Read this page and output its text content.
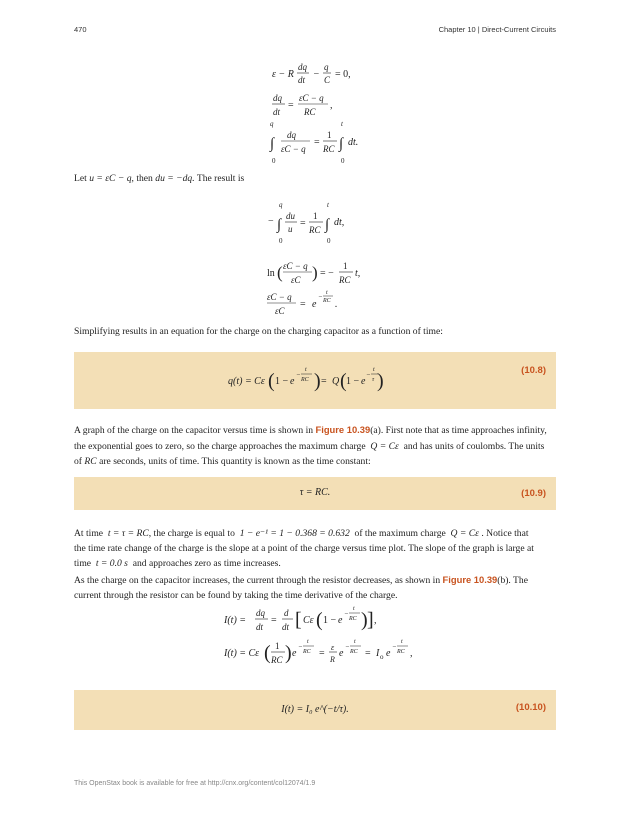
470	Chapter 10 | Direct-Current Circuits
ε − R
dq
dt −
q
C = 0,
dq
dt
=
εC − q
RC
,
q
∫
0
dq
εC − q
=
1
RC
t
∫
0
dt.
Let u = εC − q, then du = −dq. The result is
−
q
∫
0
du
u =
1
RC
t
∫
0
dt,
ln ( εC − q
εC ) = −
1
RC
t,
εC − q
εC
= e
− t
RC .
Simplifying results in an equation for the charge on the charging capacitor as a function of time:
q(t) = Cε ( 1 − e
−
t
RC ) = Q ( 1 − e
−
t
τ )	(10.8)
A graph of the charge on the capacitor versus time is shown in Figure 10.39(a). First note that as time approaches infinity,
the exponential goes to zero, so the charge approaches the maximum charge Q = Cε and has units of coulombs. The units
of RC are seconds, units of time. This quantity is known as the time constant:
τ = RC.	(10.9)
At time t = τ = RC, the charge is equal to 1 − e⁻¹ = 1 − 0.368 = 0.632 of the maximum charge Q = Cε . Notice that
the time rate change of the charge is the slope at a point of the charge versus time plot. The slope of the graph is large at
time t = 0.0 s and approaches zero as time increases.
As the charge on the capacitor increases, the current through the resistor decreases, as shown in Figure 10.39(b). The
current through the resistor can be found by taking the time derivative of the charge.
I(t) =
dq
dt
=
d
dt [ Cε ( 1 − e
−
t
RC ) ] ,
I(t) = Cε ( 1
RC ) e
−
t
RC =
ε
R
e
−
t
RC = I o e
−
t
RC ,
I(t) = I₀ e^(−t/τ).	(10.10)
This OpenStax book is available for free at http://cnx.org/content/col12074/1.9
